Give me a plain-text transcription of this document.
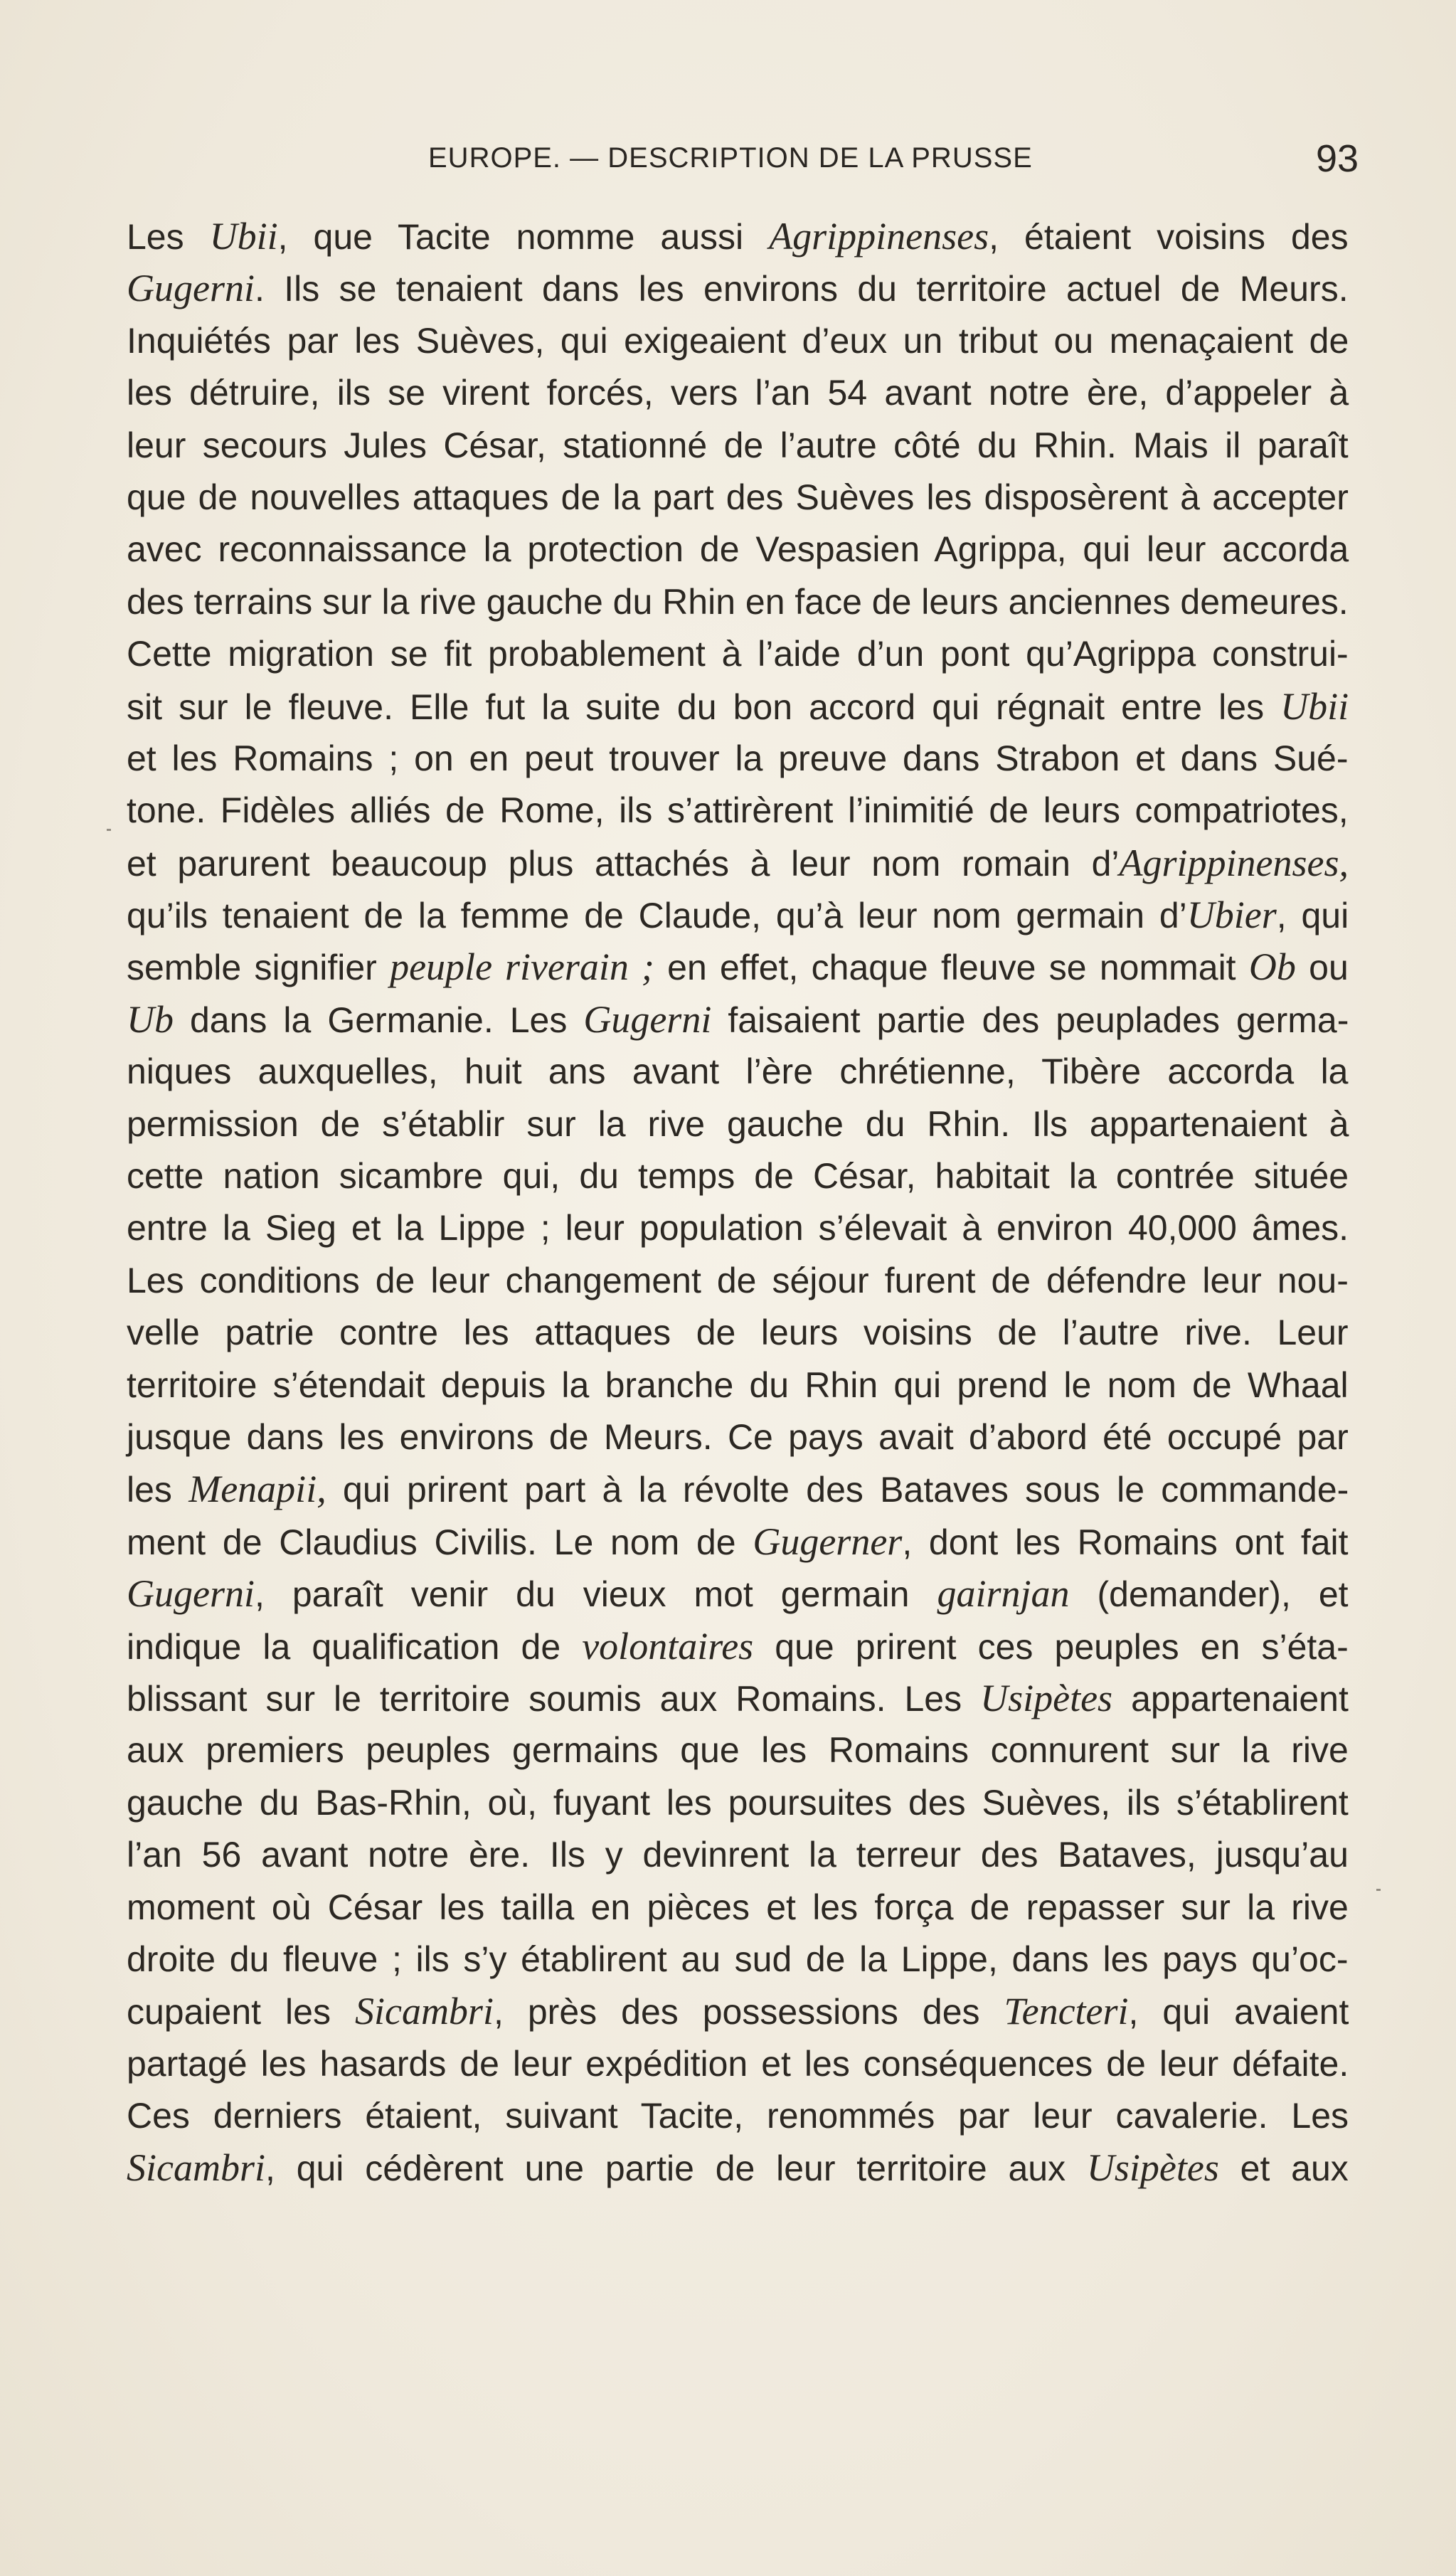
EUROPE. — DESCRIPTION DE LA PRUSSE	93
Les Ubii, que Tacite nomme aussi Agrippinenses, étaient voisins des
Gugerni. Ils se tenaient dans les environs du territoire actuel de Meurs.
Inquiétés par les Suèves, qui exigeaient d’eux un tribut ou menaçaient de
les détruire, ils se virent forcés, vers l’an 54 avant notre ère, d’appeler à
leur secours Jules César, stationné de l’autre côté du Rhin. Mais il paraît
que de nouvelles attaques de la part des Suèves les disposèrent à accepter
avec reconnaissance la protection de Vespasien Agrippa, qui leur accorda
des terrains sur la rive gauche du Rhin en face de leurs anciennes demeures.
Cette migration se fit probablement à l’aide d’un pont qu’Agrippa construi-
sit sur le fleuve. Elle fut la suite du bon accord qui régnait entre les Ubii
et les Romains ; on en peut trouver la preuve dans Strabon et dans Sué-
tone. Fidèles alliés de Rome, ils s’attirèrent l’inimitié de leurs compatriotes,
et parurent beaucoup plus attachés à leur nom romain d’Agrippinenses,
qu’ils tenaient de la femme de Claude, qu’à leur nom germain d’Ubier, qui
semble signifier peuple riverain ; en effet, chaque fleuve se nommait Ob ou
Ub dans la Germanie. Les Gugerni faisaient partie des peuplades germa-
niques auxquelles, huit ans avant l’ère chrétienne, Tibère accorda la
permission de s’établir sur la rive gauche du Rhin. Ils appartenaient à
cette nation sicambre qui, du temps de César, habitait la contrée située
entre la Sieg et la Lippe ; leur population s’élevait à environ 40,000 âmes.
Les conditions de leur changement de séjour furent de défendre leur nou-
velle patrie contre les attaques de leurs voisins de l’autre rive. Leur
territoire s’étendait depuis la branche du Rhin qui prend le nom de Whaal
jusque dans les environs de Meurs. Ce pays avait d’abord été occupé par
les Menapii, qui prirent part à la révolte des Bataves sous le commande-
ment de Claudius Civilis. Le nom de Gugerner, dont les Romains ont fait
Gugerni, paraît venir du vieux mot germain gairnjan (demander), et
indique la qualification de volontaires que prirent ces peuples en s’éta-
blissant sur le territoire soumis aux Romains. Les Usipètes appartenaient
aux premiers peuples germains que les Romains connurent sur la rive
gauche du Bas-Rhin, où, fuyant les poursuites des Suèves, ils s’établirent
l’an 56 avant notre ère. Ils y devinrent la terreur des Bataves, jusqu’au
moment où César les tailla en pièces et les força de repasser sur la rive
droite du fleuve ; ils s’y établirent au sud de la Lippe, dans les pays qu’oc-
cupaient les Sicambri, près des possessions des Tencteri, qui avaient
partagé les hasards de leur expédition et les conséquences de leur défaite.
Ces derniers étaient, suivant Tacite, renommés par leur cavalerie. Les
Sicambri, qui cédèrent une partie de leur territoire aux Usipètes et aux
